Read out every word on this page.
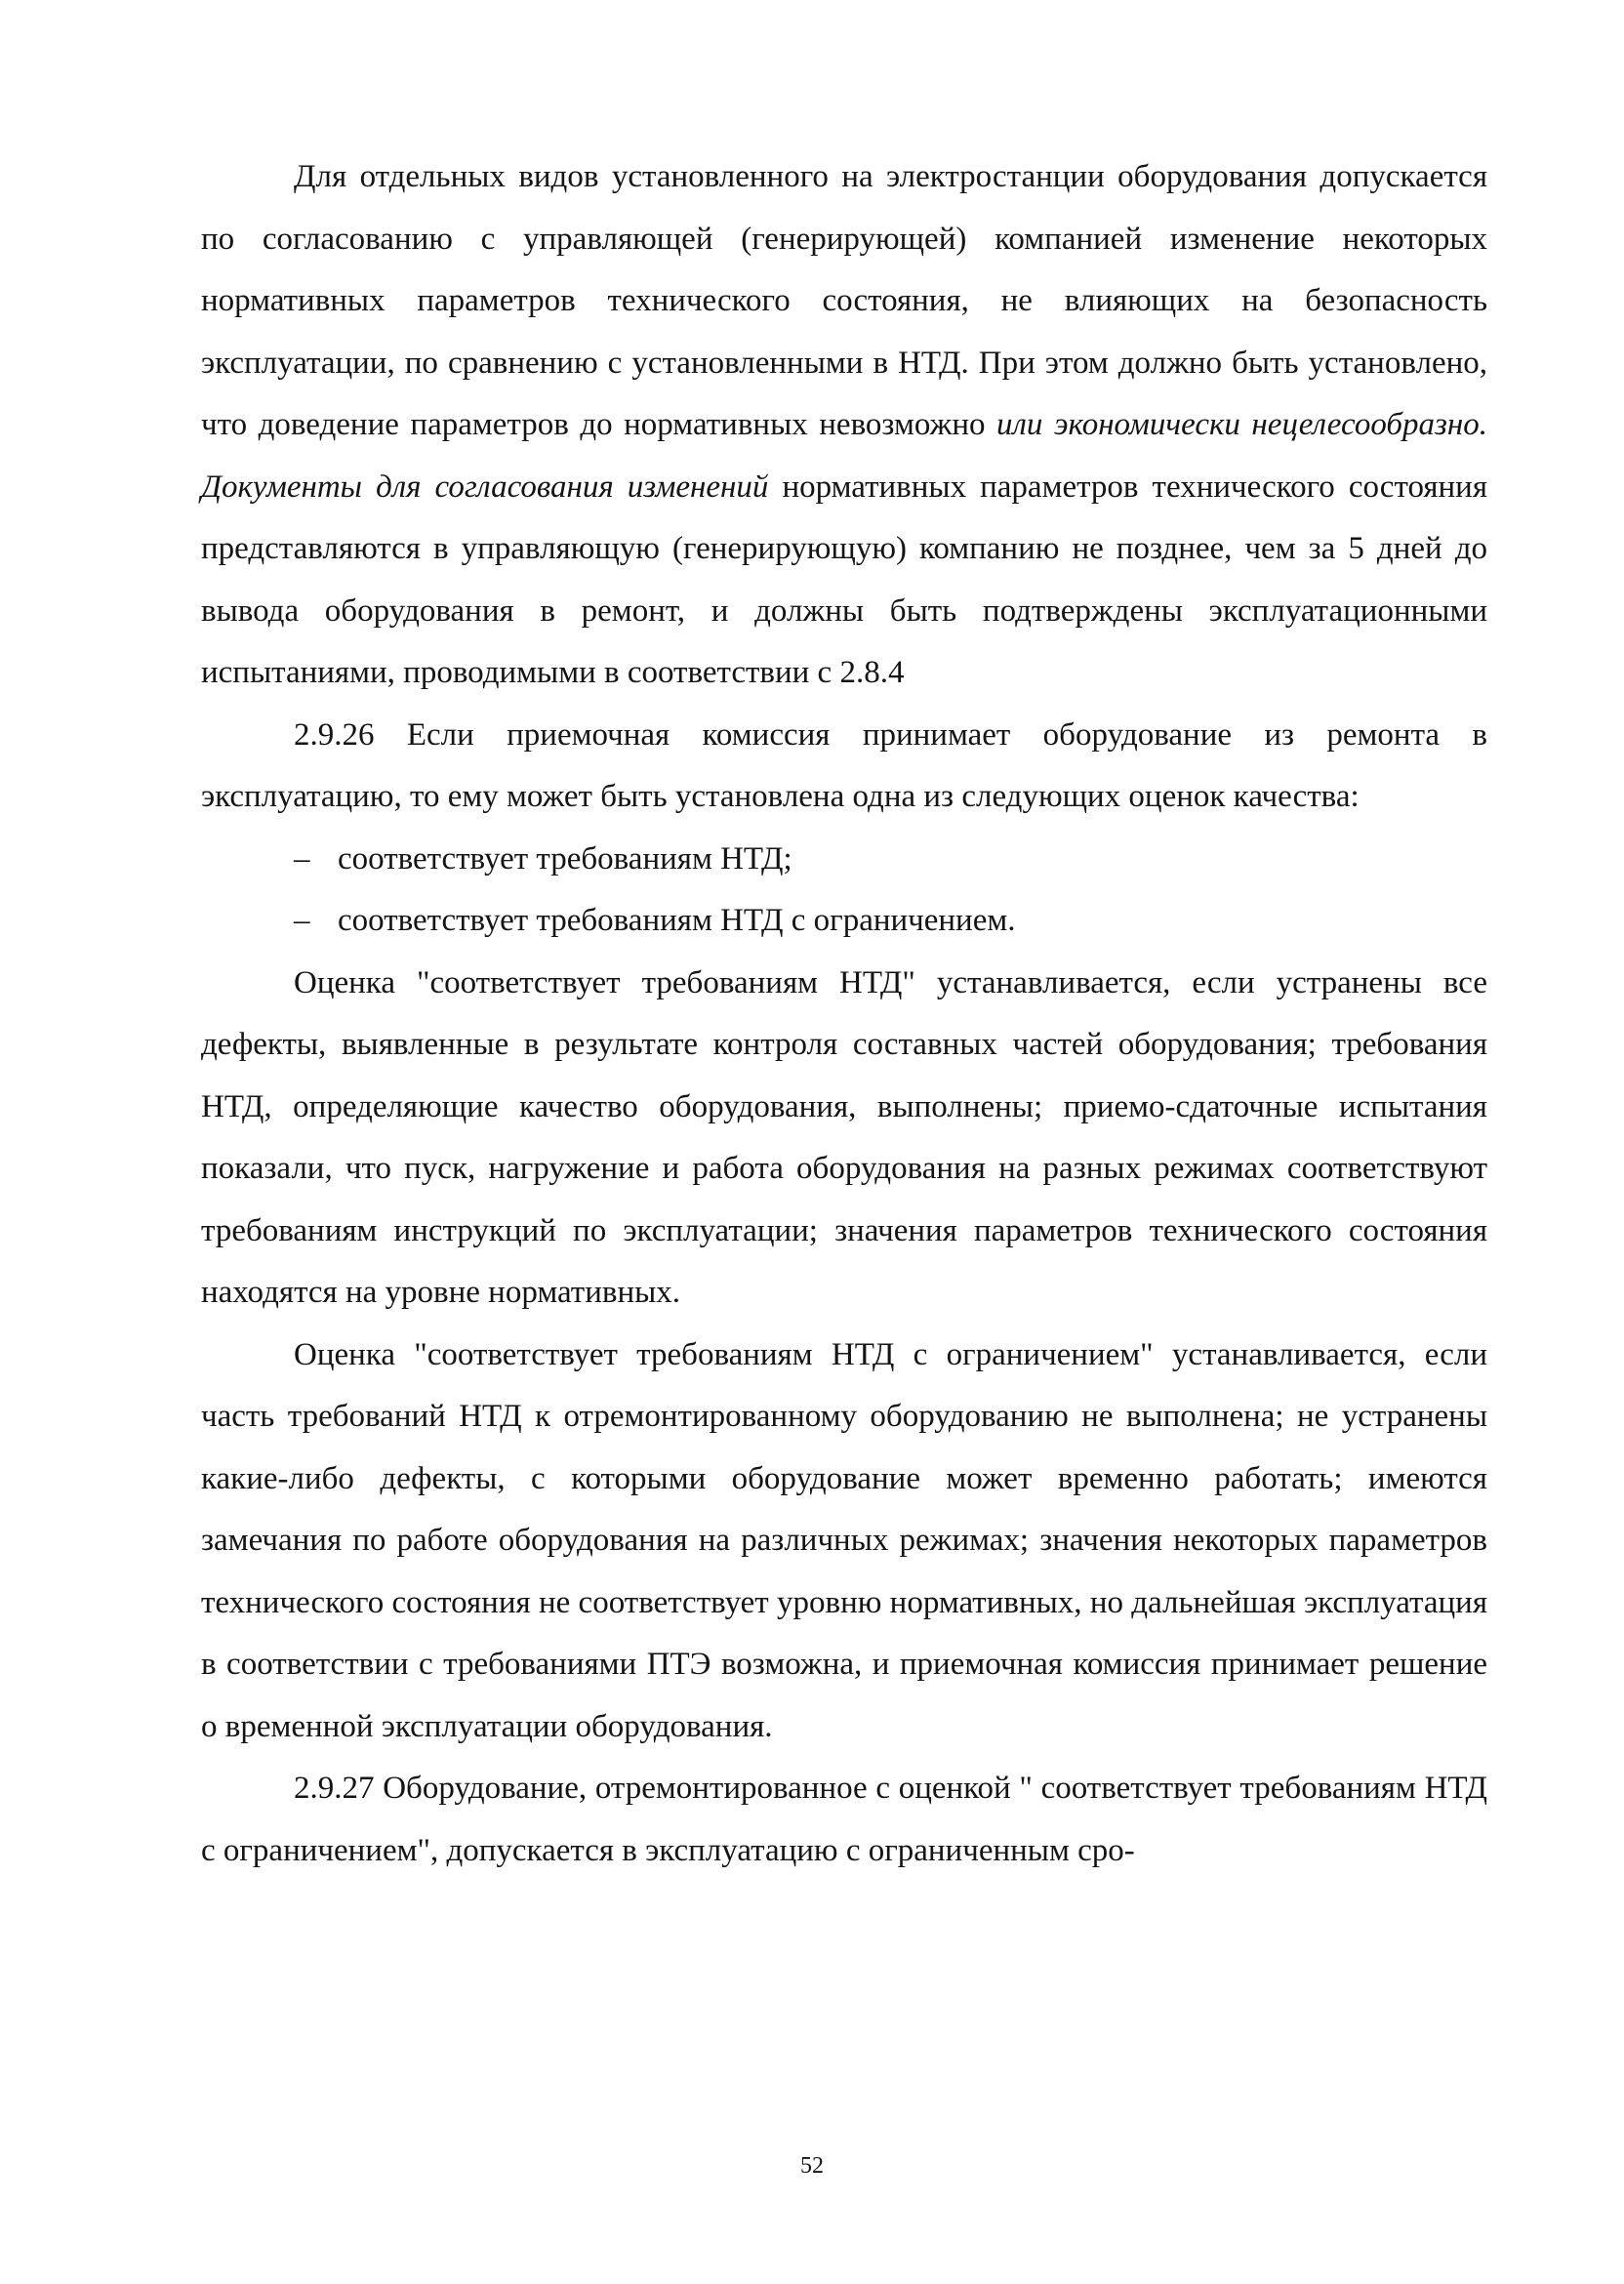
Для отдельных видов установленного на электростанции оборудования допускается по согласованию с управляющей (генерирующей) компанией изменение некоторых нормативных параметров технического состояния, не влияющих на безопасность эксплуатации, по сравнению с установленными в НТД. При этом должно быть установлено, что доведение параметров до нормативных невозможно или экономически нецелесообразно. Документы для согласования изменений нормативных параметров технического состояния представляются в управляющую (генерирующую) компанию не позднее, чем за 5 дней до вывода оборудования в ремонт, и должны быть подтверждены эксплуатационными испытаниями, проводимыми в соответствии с 2.8.4

2.9.26 Если приемочная комиссия принимает оборудование из ремонта в эксплуатацию, то ему может быть установлена одна из следующих оценок качества:

– соответствует требованиям НТД;
– соответствует требованиям НТД с ограничением.

Оценка "соответствует требованиям НТД" устанавливается, если устранены все дефекты, выявленные в результате контроля составных частей оборудования; требования НТД, определяющие качество оборудования, выполнены; приемо-сдаточные испытания показали, что пуск, нагружение и работа оборудования на разных режимах соответствуют требованиям инструкций по эксплуатации; значения параметров технического состояния находятся на уровне нормативных.

Оценка "соответствует требованиям НТД с ограничением" устанавливается, если часть требований НТД к отремонтированному оборудованию не выполнена; не устранены какие-либо дефекты, с которыми оборудование может временно работать; имеются замечания по работе оборудования на различных режимах; значения некоторых параметров технического состояния не соответствует уровню нормативных, но дальнейшая эксплуатация в соответствии с требованиями ПТЭ возможна, и приемочная комиссия принимает решение о временной эксплуатации оборудования.

2.9.27 Оборудование, отремонтированное с оценкой " соответствует требованиям НТД с ограничением", допускается в эксплуатацию с ограниченным сро-

52
